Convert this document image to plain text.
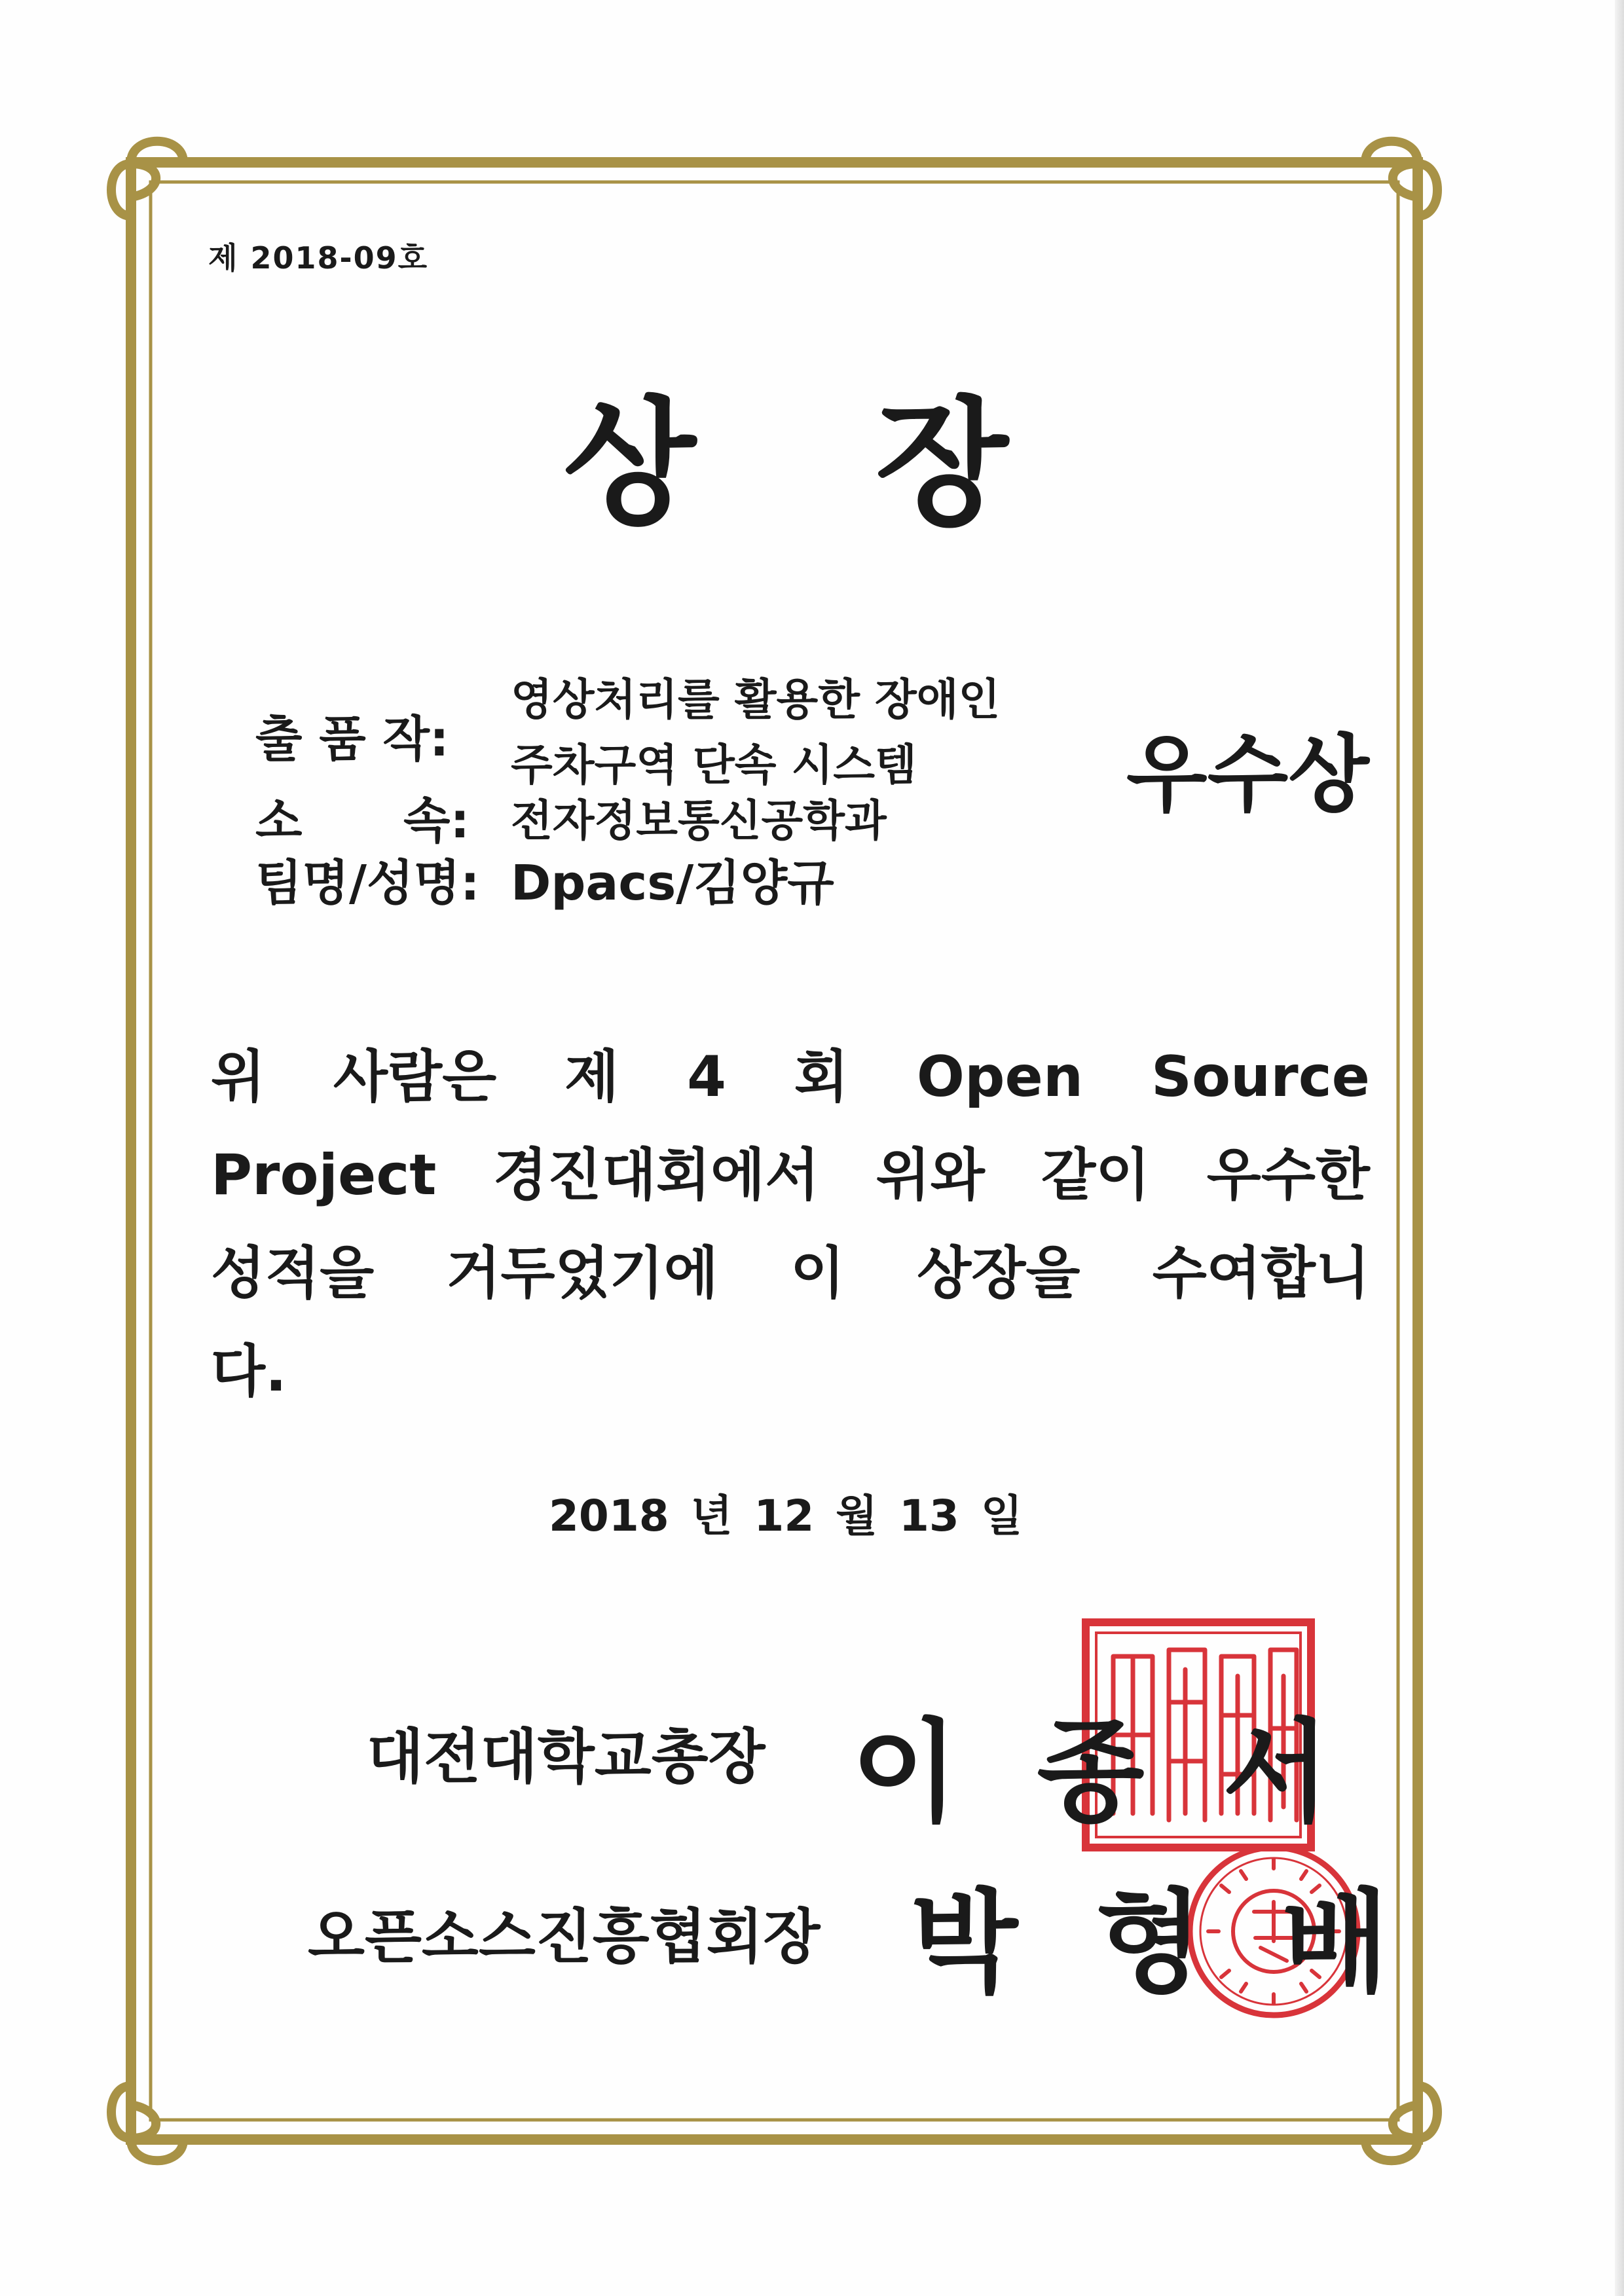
제 2018-09호
상 장
출 품 작:
영상처리를 활용한 장애인
주차구역 단속 시스템
소      속: 전자정보통신공학과
팀명/성명: Dpacs/김양규
우수상
위 사람은 제 4 회 Open Source
Project 경진대회에서 위와 같이 우수한
성적을 거두었기에 이 상장을 수여합니
다.
2018 년 12 월 13 일
대전대학교총장 이 종 서
오픈소스진흥협회장 박 형 배
